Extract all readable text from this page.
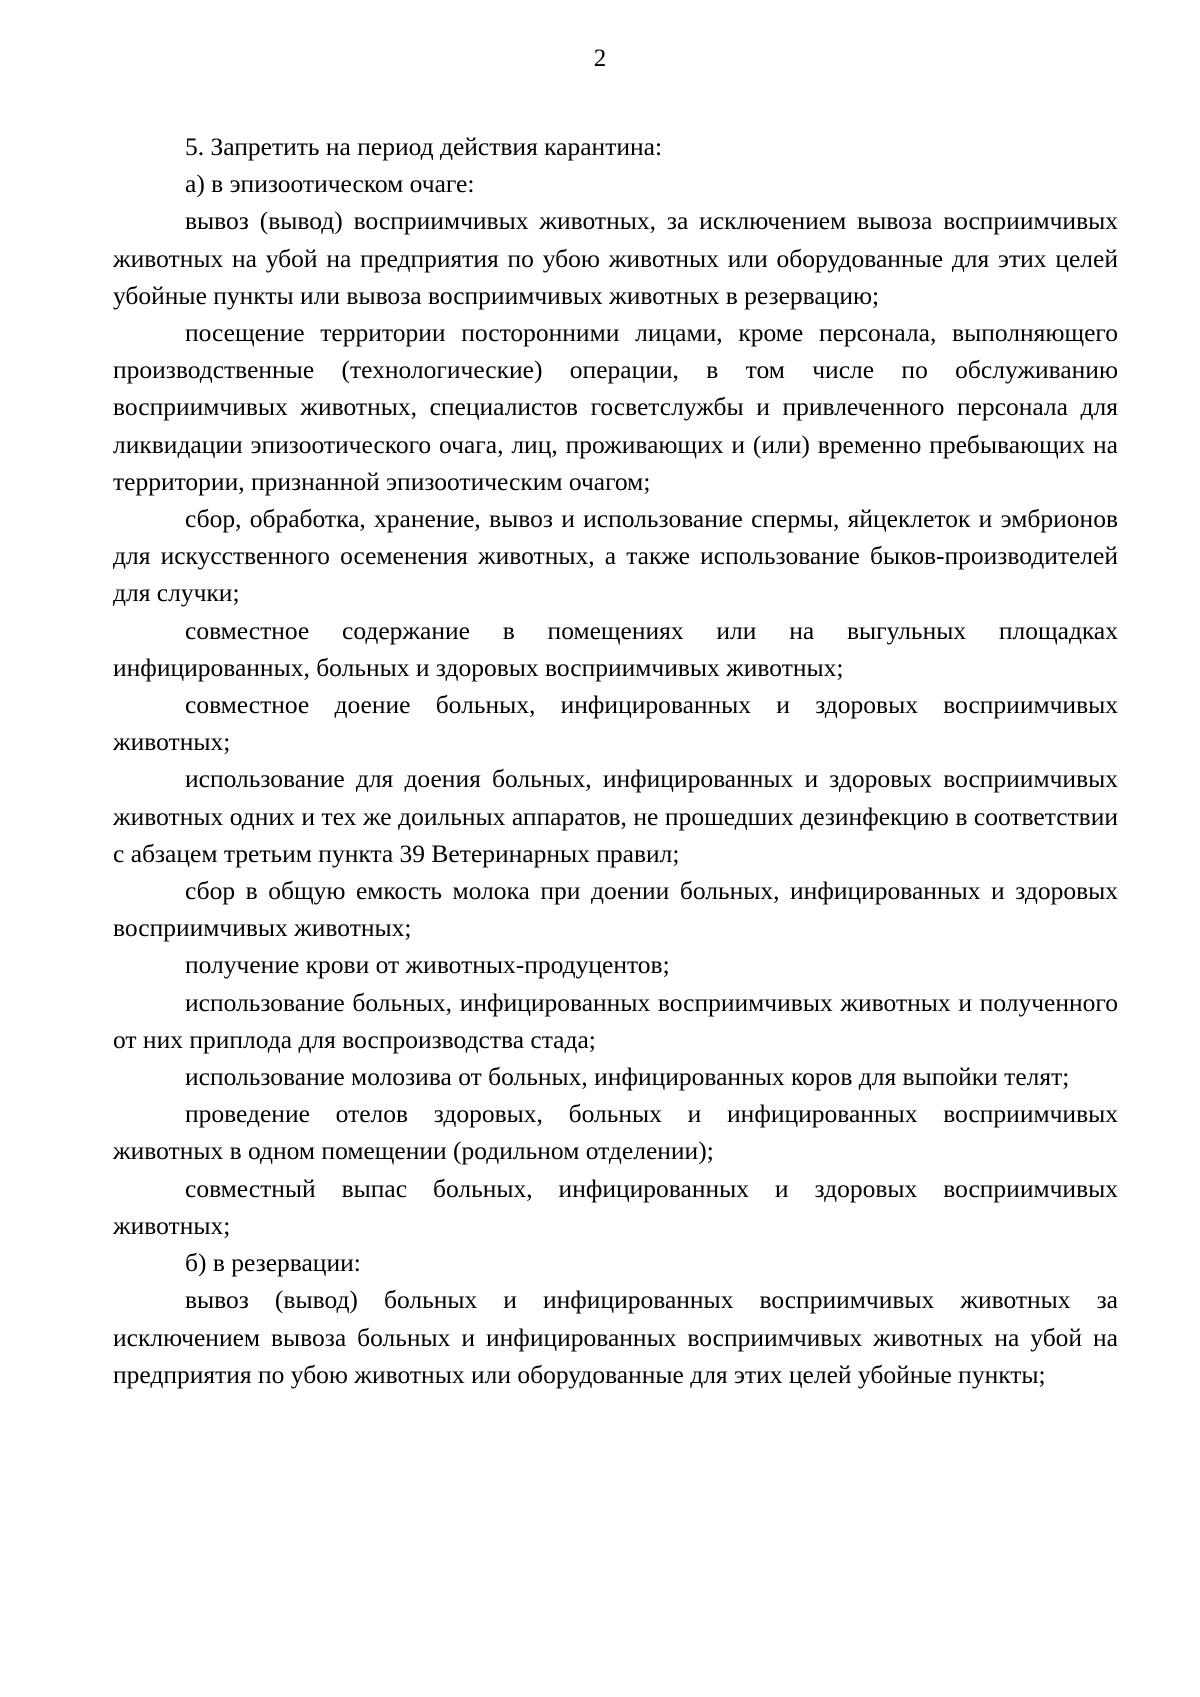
2

5. Запретить на период действия карантина:

а) в эпизоотическом очаге:

вывоз (вывод) восприимчивых животных, за исключением вывоза восприимчивых животных на убой на предприятия по убою животных или оборудованные для этих целей убойные пункты или вывоза восприимчивых животных в резервацию;

посещение территории посторонними лицами, кроме персонала, выполняющего производственные (технологические) операции, в том числе по обслуживанию восприимчивых животных, специалистов госветслужбы и привлеченного персонала для ликвидации эпизоотического очага, лиц, проживающих и (или) временно пребывающих на территории, признанной эпизоотическим очагом;

сбор, обработка, хранение, вывоз и использование спермы, яйцеклеток и эмбрионов для искусственного осеменения животных, а также использование быков-производителей для случки;

совместное содержание в помещениях или на выгульных площадках инфицированных, больных и здоровых восприимчивых животных;

совместное доение больных, инфицированных и здоровых восприимчивых животных;

использование для доения больных, инфицированных и здоровых восприимчивых животных одних и тех же доильных аппаратов, не прошедших дезинфекцию в соответствии с абзацем третьим пункта 39 Ветеринарных правил;

сбор в общую емкость молока при доении больных, инфицированных и здоровых восприимчивых животных;

получение крови от животных-продуцентов;

использование больных, инфицированных восприимчивых животных и полученного от них приплода для воспроизводства стада;

использование молозива от больных, инфицированных коров для выпойки телят;

проведение отелов здоровых, больных и инфицированных восприимчивых животных в одном помещении (родильном отделении);

совместный выпас больных, инфицированных и здоровых восприимчивых животных;

б) в резервации:

вывоз (вывод) больных и инфицированных восприимчивых животных за исключением вывоза больных и инфицированных восприимчивых животных на убой на предприятия по убою животных или оборудованные для этих целей убойные пункты;
